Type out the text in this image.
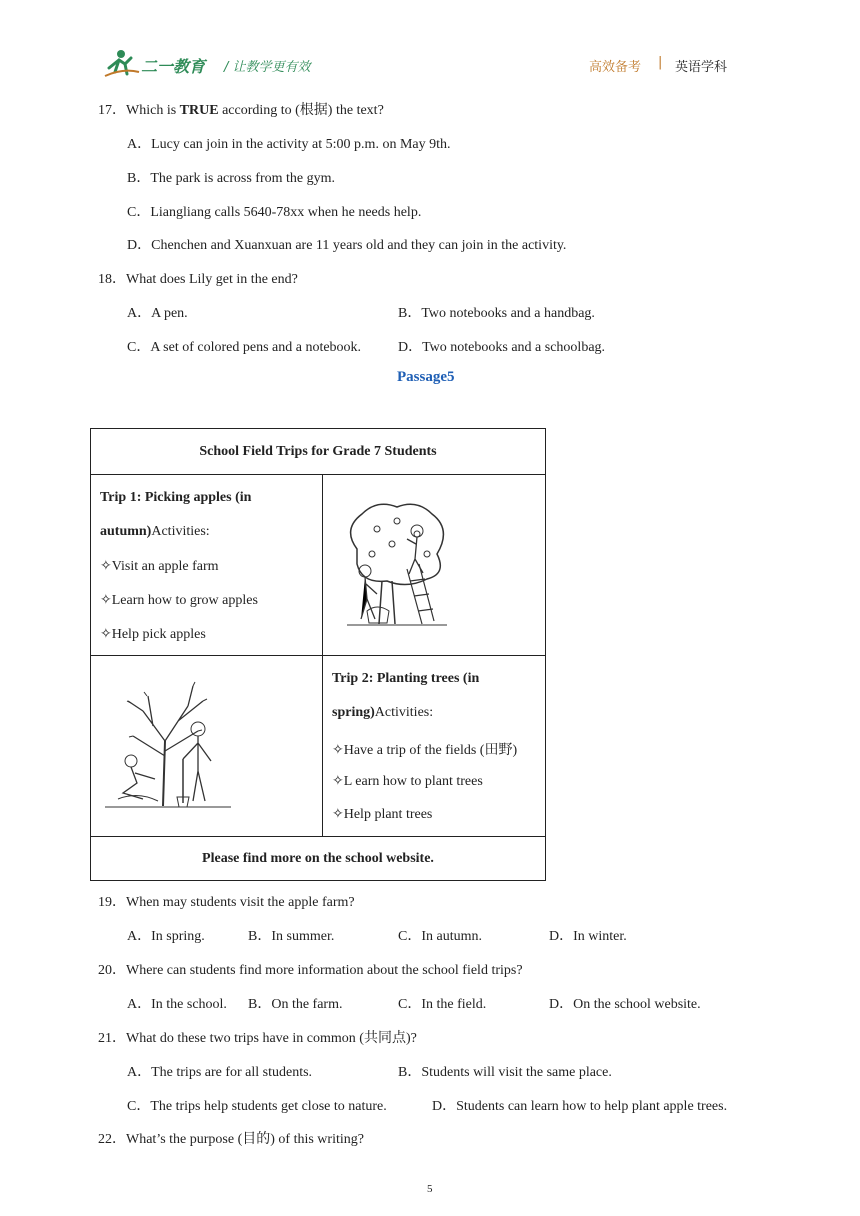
二一教育 / 让教学更有效	高效备考 | 英语学科
17．Which is TRUE according to (根据) the text?
A．Lucy can join in the activity at 5:00 p.m. on May 9th.
B．The park is across from the gym.
C．Liangliang calls 5640-78xx when he needs help.
D．Chenchen and Xuanxuan are 11 years old and they can join in the activity.
18．What does Lily get in the end?
A．A pen.	B．Two notebooks and a handbag.
C．A set of colored pens and a notebook.	D．Two notebooks and a schoolbag.
Passage5
School Field Trips for Grade 7 Students
Trip 1: Picking apples (in
autumn)Activities:
✧Visit an apple farm
✧Learn how to grow apples
✧Help pick apples
Trip 2: Planting trees (in
spring)Activities:
✧Have a trip of the fields (田野)
✧L earn how to plant trees
✧Help plant trees
Please find more on the school website.
19．When may students visit the apple farm?
A．In spring.	B．In summer.	C．In autumn.	D．In winter.
20．Where can students find more information about the school field trips?
A．In the school. B．On the farm.	C．In the field.	D．On the school website.
21．What do these two trips have in common (共同点)?
A．The trips are for all students.	B．Students will visit the same place.
C．The trips help students get close to nature.	D．Students can learn how to help plant apple trees.
22．What’s the purpose (目的) of this writing?
5
